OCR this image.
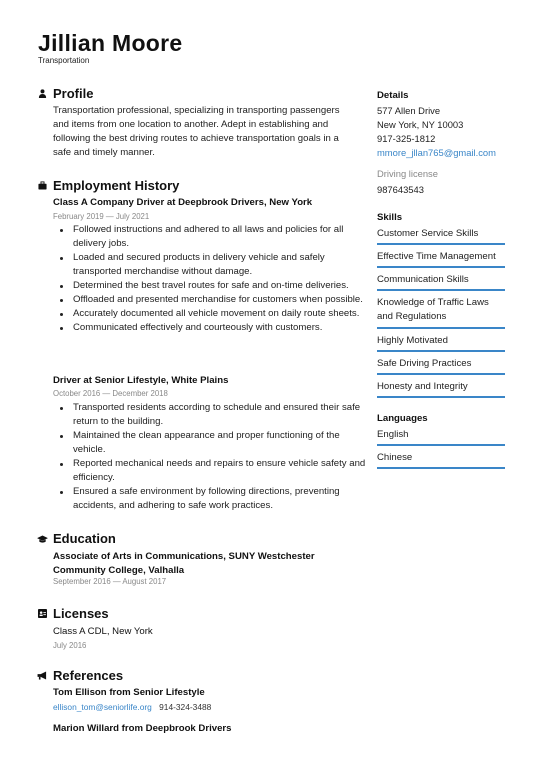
Jillian Moore
Transportation
Profile
Transportation professional, specializing in transporting passengers and items from one location to another. Adept in establishing and following the best driving routes to achieve transportation goals in a safe and timely manner.
Employment History
Class A Company Driver at Deepbrook Drivers, New York
February 2019 — July 2021
Followed instructions and adhered to all laws and policies for all delivery jobs.
Loaded and secured products in delivery vehicle and safely transported merchandise without damage.
Determined the best travel routes for safe and on-time deliveries.
Offloaded and presented merchandise for customers when possible.
Accurately documented all vehicle movement on daily route sheets.
Communicated effectively and courteously with customers.
Driver at Senior Lifestyle, White Plains
October 2016 — December 2018
Transported residents according to schedule and ensured their safe return to the building.
Maintained the clean appearance and proper functioning of the vehicle.
Reported mechanical needs and repairs to ensure vehicle safety and efficiency.
Ensured a safe environment by following directions, preventing accidents, and adhering to safe work practices.
Education
Associate of Arts in Communications, SUNY Westchester Community College, Valhalla
September 2016 — August 2017
Licenses
Class A CDL, New York
July 2016
References
Tom Ellison from Senior Lifestyle
ellison_tom@seniorlife.org 914-324-3488
Marion Willard from Deepbrook Drivers
Details
577 Allen Drive
New York, NY 10003
917-325-1812
mmore_jllan765@gmail.com
Driving license
987643543
Skills
Customer Service Skills
Effective Time Management
Communication Skills
Knowledge of Traffic Laws and Regulations
Highly Motivated
Safe Driving Practices
Honesty and Integrity
Languages
English
Chinese
